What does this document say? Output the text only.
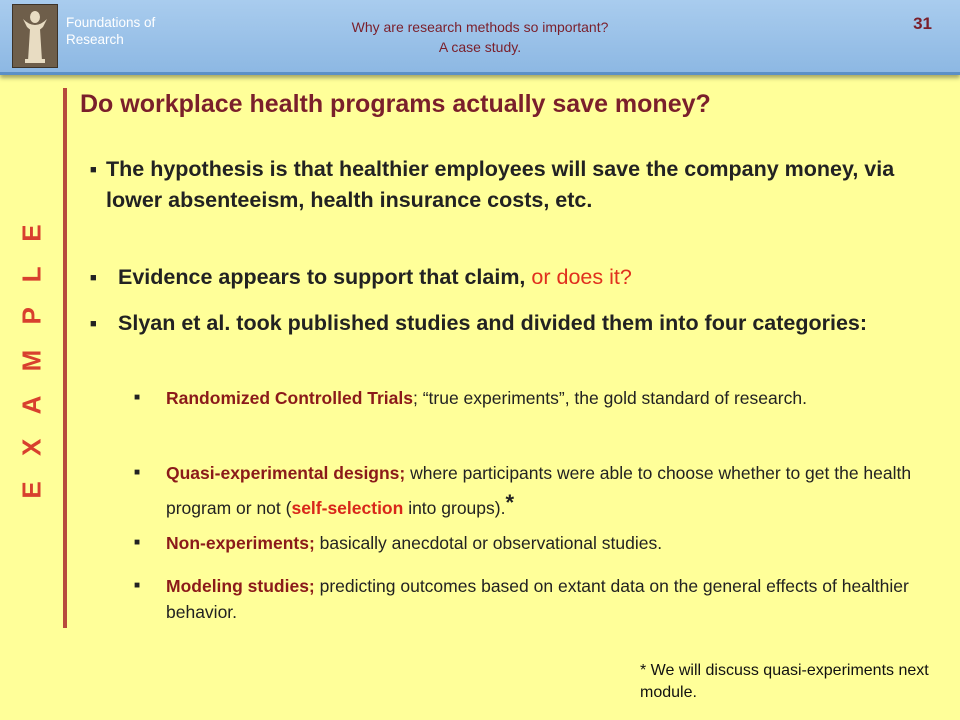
Foundations of Research
Why are research methods so important?
A case study.
31
E X A M P L E
Do workplace health programs actually save money?
■ The hypothesis is that healthier employees will save the company money, via lower absenteeism, health insurance costs, etc.
■ Evidence appears to support that claim, or does it?
■ Slyan et al. took published studies and divided them into four categories:
■	Randomized Controlled Trials; “true experiments”, the gold standard of research.
■	Quasi-experimental designs; where participants were able to choose whether to get the health program or not (self-selection into groups).*
■	Non-experiments; basically anecdotal or observational studies.
■	Modeling studies; predicting outcomes based on extant data on the general effects of healthier behavior.
* We will discuss quasi-experiments next module.
